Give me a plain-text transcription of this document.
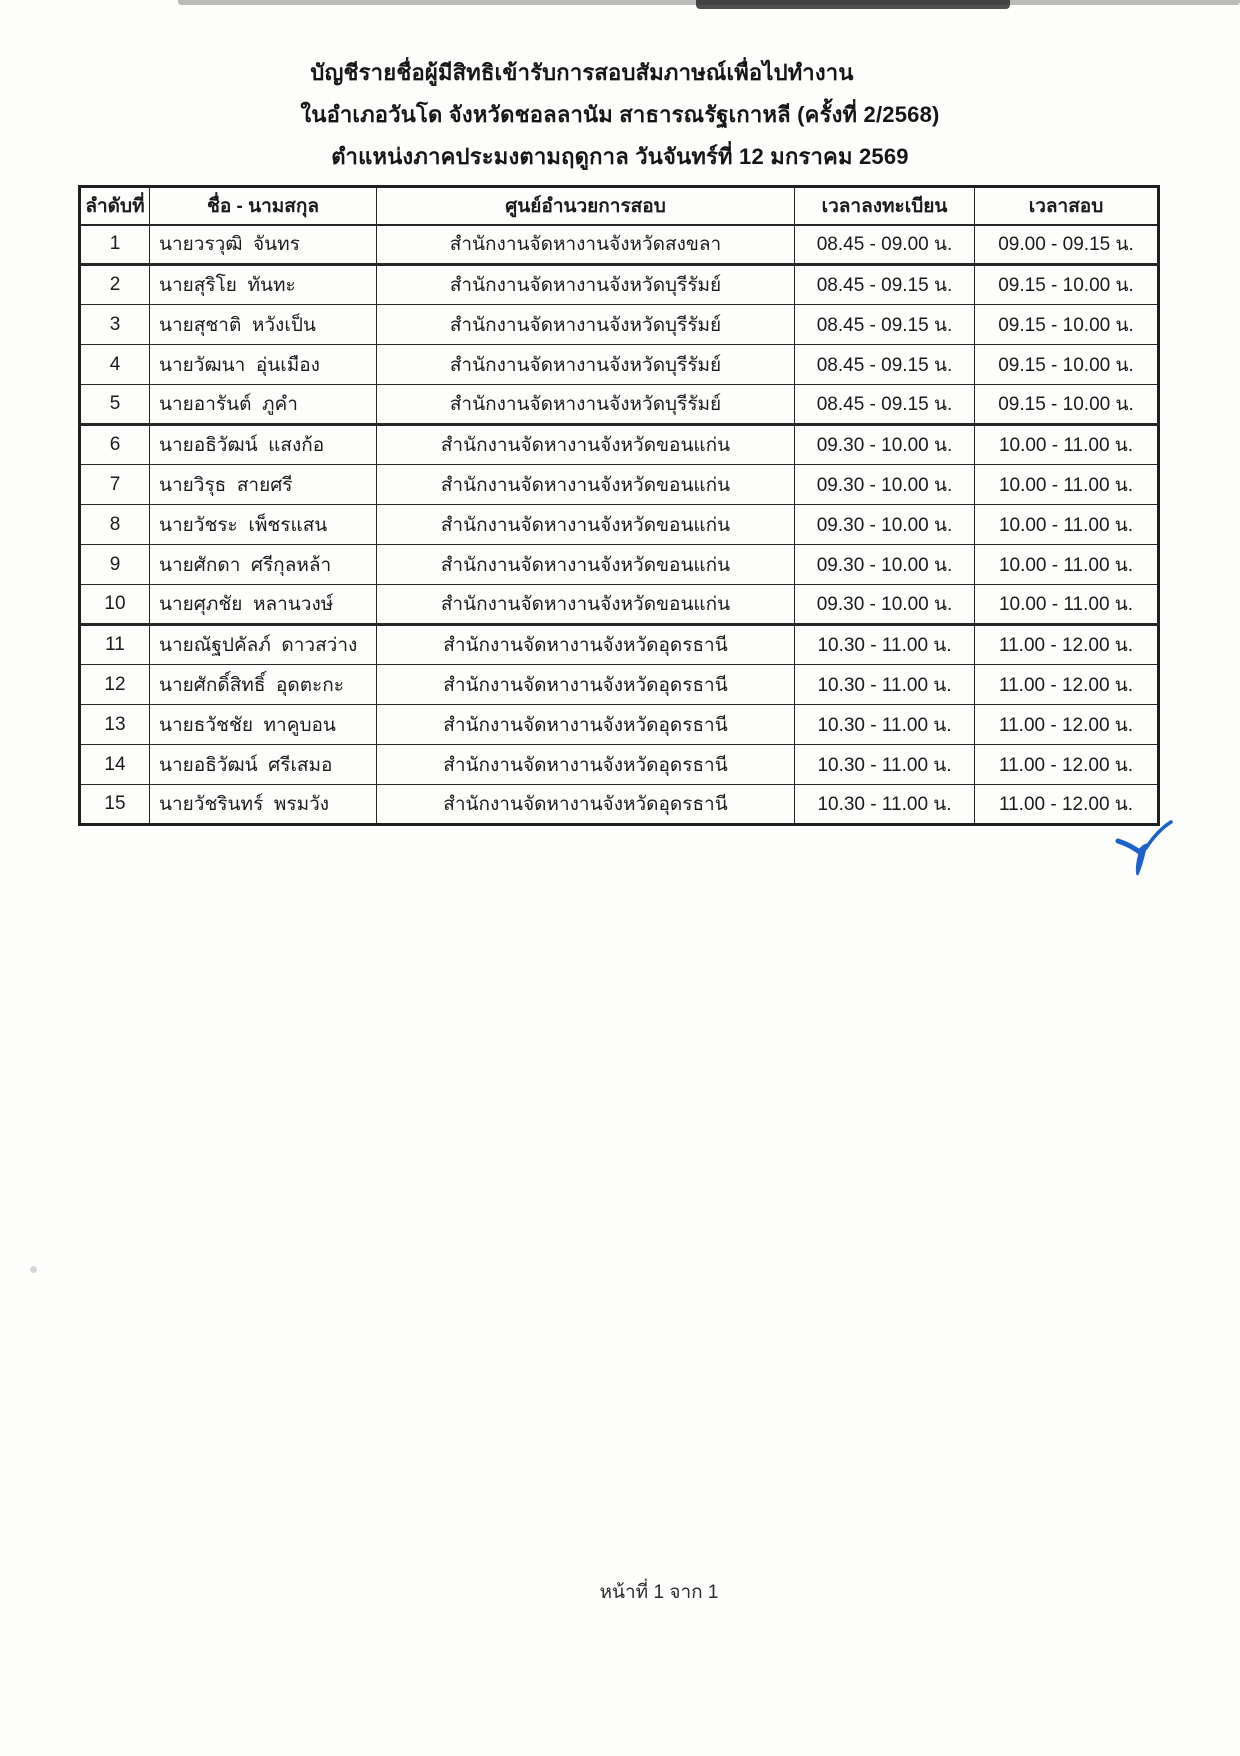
บัญชีรายชื่อผู้มีสิทธิเข้ารับการสอบสัมภาษณ์เพื่อไปทำงาน
ในอำเภอวันโด จังหวัดชอลลานัม สาธารณรัฐเกาหลี (ครั้งที่ 2/2568)
ตำแหน่งภาคประมงตามฤดูกาล วันจันทร์ที่ 12 มกราคม 2569
ลำดับที่	ชื่อ - นามสกุล	ศูนย์อำนวยการสอบ	เวลาลงทะเบียน	เวลาสอบ
1	นายวรวุฒิ  จันทร	สำนักงานจัดหางานจังหวัดสงขลา	08.45 - 09.00 น.	09.00 - 09.15 น.
2	นายสุริโย  ทันทะ	สำนักงานจัดหางานจังหวัดบุรีรัมย์	08.45 - 09.15 น.	09.15 - 10.00 น.
3	นายสุชาติ  หวังเป็น	สำนักงานจัดหางานจังหวัดบุรีรัมย์	08.45 - 09.15 น.	09.15 - 10.00 น.
4	นายวัฒนา  อุ่นเมือง	สำนักงานจัดหางานจังหวัดบุรีรัมย์	08.45 - 09.15 น.	09.15 - 10.00 น.
5	นายอารันต์  ภูคำ	สำนักงานจัดหางานจังหวัดบุรีรัมย์	08.45 - 09.15 น.	09.15 - 10.00 น.
6	นายอธิวัฒน์  แสงก้อ	สำนักงานจัดหางานจังหวัดขอนแก่น	09.30 - 10.00 น.	10.00 - 11.00 น.
7	นายวิรุธ  สายศรี	สำนักงานจัดหางานจังหวัดขอนแก่น	09.30 - 10.00 น.	10.00 - 11.00 น.
8	นายวัชระ  เพ็ชรแสน	สำนักงานจัดหางานจังหวัดขอนแก่น	09.30 - 10.00 น.	10.00 - 11.00 น.
9	นายศักดา  ศรีกุลหล้า	สำนักงานจัดหางานจังหวัดขอนแก่น	09.30 - 10.00 น.	10.00 - 11.00 น.
10	นายศุภชัย  หลานวงษ์	สำนักงานจัดหางานจังหวัดขอนแก่น	09.30 - 10.00 น.	10.00 - 11.00 น.
11	นายณัฐปคัลภ์  ดาวสว่าง	สำนักงานจัดหางานจังหวัดอุดรธานี	10.30 - 11.00 น.	11.00 - 12.00 น.
12	นายศักดิ์สิทธิ์  อุดตะกะ	สำนักงานจัดหางานจังหวัดอุดรธานี	10.30 - 11.00 น.	11.00 - 12.00 น.
13	นายธวัชชัย  ทาคูบอน	สำนักงานจัดหางานจังหวัดอุดรธานี	10.30 - 11.00 น.	11.00 - 12.00 น.
14	นายอธิวัฒน์  ศรีเสมอ	สำนักงานจัดหางานจังหวัดอุดรธานี	10.30 - 11.00 น.	11.00 - 12.00 น.
15	นายวัชรินทร์  พรมวัง	สำนักงานจัดหางานจังหวัดอุดรธานี	10.30 - 11.00 น.	11.00 - 12.00 น.
หน้าที่ 1 จาก 1
